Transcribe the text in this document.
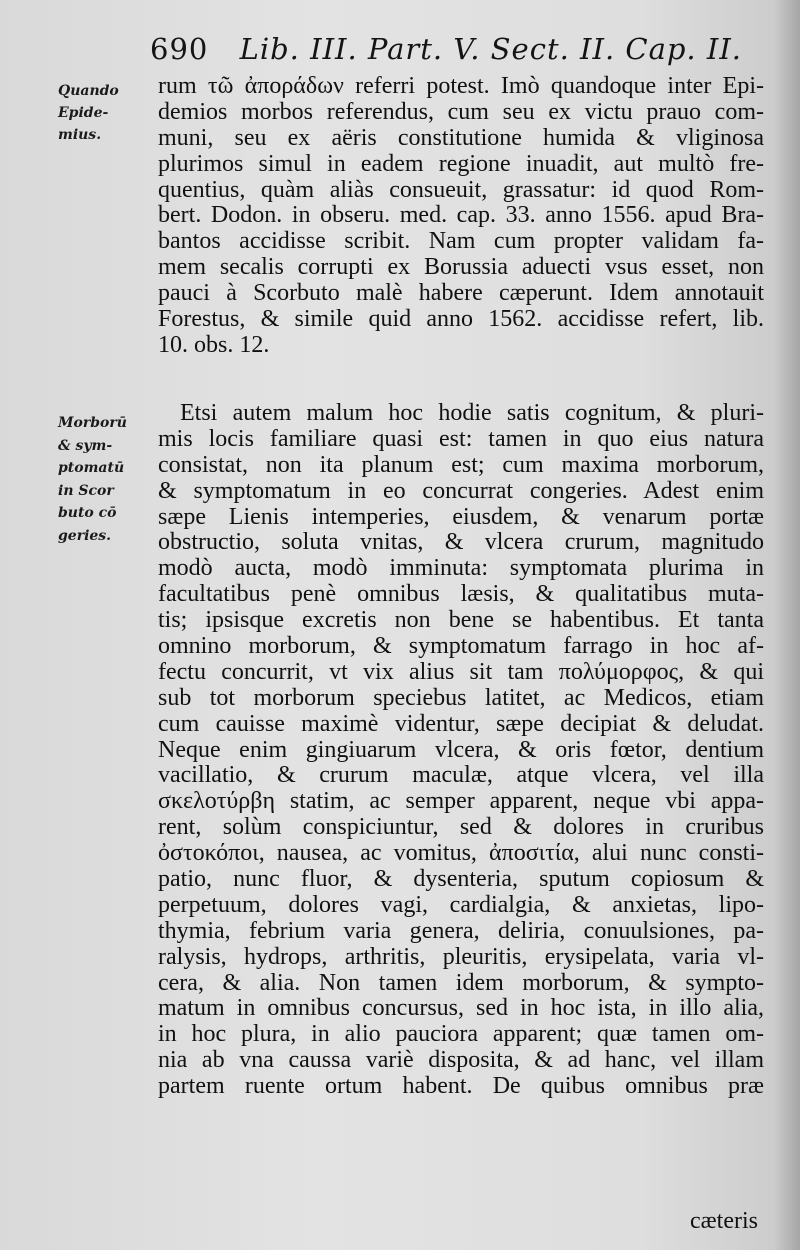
690 Lib. III. Part. V. Sect. II. Cap. II.
Quando
Epide-
mius.
Morborū
& sym-
ptomatū
in Scor
buto cō
geries.
rum τῶ ἀποράδων referri potest. Imò quandoque inter Epi-
demios morbos referendus, cum seu ex victu prauo com-
muni, seu ex aëris constitutione humida & vliginosa
plurimos simul in eadem regione inuadit, aut multò fre-
quentius, quàm aliàs consueuit, grassatur: id quod Rom-
bert. Dodon. in obseru. med. cap. 33. anno 1556. apud Bra-
bantos accidisse scribit. Nam cum propter validam fa-
mem secalis corrupti ex Borussia aduecti vsus esset, non
pauci à Scorbuto malè habere cæperunt. Idem annotauit
Forestus, & simile quid anno 1562. accidisse refert, lib.
10. obs. 12.
Etsi autem malum hoc hodie satis cognitum, & pluri-
mis locis familiare quasi est: tamen in quo eius natura
consistat, non ita planum est; cum maxima morborum,
& symptomatum in eo concurrat congeries. Adest enim
sæpe Lienis intemperies, eiusdem, & venarum portæ
obstructio, soluta vnitas, & vlcera crurum, magnitudo
modò aucta, modò imminuta: symptomata plurima in
facultatibus penè omnibus læsis, & qualitatibus muta-
tis; ipsisque excretis non bene se habentibus. Et tanta
omnino morborum, & symptomatum farrago in hoc af-
fectu concurrit, vt vix alius sit tam πολύμορφος, & qui
sub tot morborum speciebus latitet, ac Medicos, etiam
cum cauisse maximè videntur, sæpe decipiat & deludat.
Neque enim gingiuarum vlcera, & oris fœtor, dentium
vacillatio, & crurum maculæ, atque vlcera, vel illa
σκελοτύρβη statim, ac semper apparent, neque vbi appa-
rent, solùm conspiciuntur, sed & dolores in cruribus
ὀστοκόποι, nausea, ac vomitus, ἀποσιτία, alui nunc consti-
patio, nunc fluor, & dysenteria, sputum copiosum &
perpetuum, dolores vagi, cardialgia, & anxietas, lipo-
thymia, febrium varia genera, deliria, conuulsiones, pa-
ralysis, hydrops, arthritis, pleuritis, erysipelata, varia vl-
cera, & alia. Non tamen idem morborum, & sympto-
matum in omnibus concursus, sed in hoc ista, in illo alia,
in hoc plura, in alio pauciora apparent; quæ tamen om-
nia ab vna caussa variè disposita, & ad hanc, vel illam
partem ruente ortum habent. De quibus omnibus præ
cæteris
